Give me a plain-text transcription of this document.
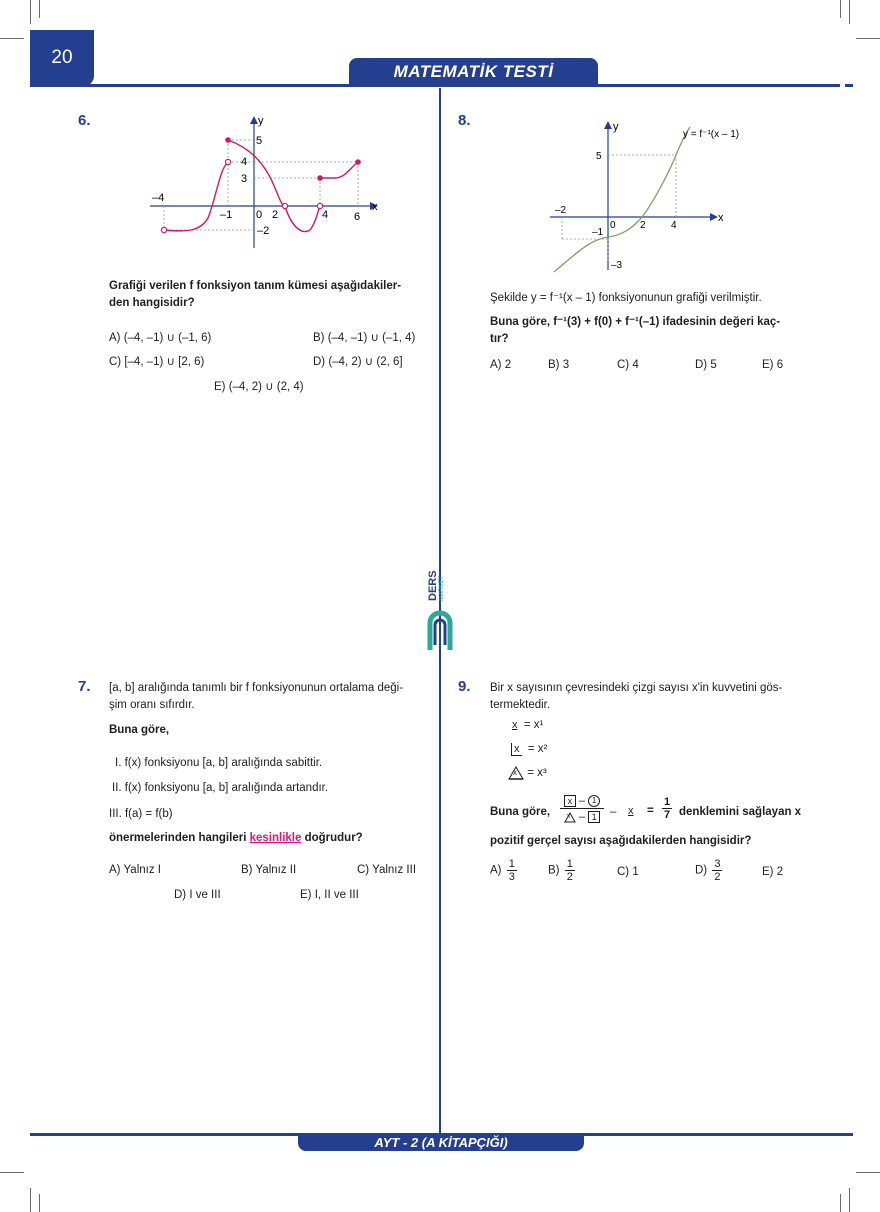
20
MATEMATİK TESTİ
DERS MARKET
6.	y
x
5
4
3
–2
–4
–1 0 2	4 6
Grafiği verilen f fonksiyon tanım kümesi aşağıdakiler-
den hangisidir?
A) (–4, –1) ∪ (–1, 6)	B) (–4, –1) ∪ (–1, 4)
C) [–4, –1) ∪ [2, 6)	D) (–4, 2) ∪ (2, 6]
E) (–4, 2) ∪ (2, 4)
8.	y
x
y = f⁻¹(x – 1)
5
–2
–1
0 2	4
–3
Şekilde y = f⁻¹(x – 1) fonksiyonunun grafiği verilmiştir.
Buna göre, f⁻¹(3) + f(0) + f⁻¹(–1) ifadesinin değeri kaç-
tır?
A) 2	B) 3	C) 4	D) 5	E) 6
7. [a, b] aralığında tanımlı bir f fonksiyonunun ortalama deği-
şim oranı sıfırdır.
Buna göre,
I. f(x) fonksiyonu [a, b] aralığında sabittir.
II. f(x) fonksiyonu [a, b] aralığında artandır.
III. f(a) = f(b)
önermelerinden hangileri kesinlikle doğrudur?
A) Yalnız I	B) Yalnız II	C) Yalnız III
D) I ve III	E) I, II ve III
9. Bir x sayısının çevresindeki çizgi sayısı x'in kuvvetini gös-
termektedir.
x = x¹
x = x²
x = x³
Buna göre, $\frac{x - 1}{x - 1} - x = \frac{1}{7}$ denklemini sağlayan x
pozitif gerçel sayısı aşağıdakilerden hangisidir?
$A) \frac{1}{3}$	$B) \frac{1}{2}$	C) 1	$D) \frac{3}{2}$	E) 2
AYT - 2 (A KİTAPÇIĞI)
